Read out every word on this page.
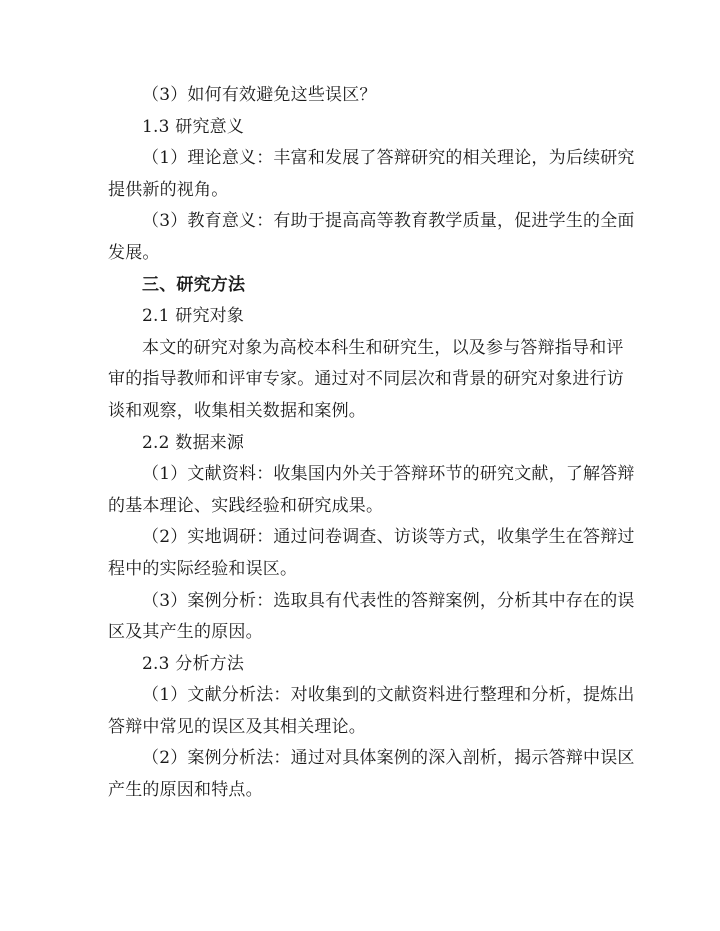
（3）如何有效避免这些误区？

1.3 研究意义

（1）理论意义：丰富和发展了答辩研究的相关理论，为后续研究

提供新的视角。

（3）教育意义：有助于提高高等教育教学质量，促进学生的全面

发展。

三、研究方法

2.1 研究对象

本文的研究对象为高校本科生和研究生，以及参与答辩指导和评

审的指导教师和评审专家。通过对不同层次和背景的研究对象进行访

谈和观察，收集相关数据和案例。

2.2 数据来源

（1）文献资料：收集国内外关于答辩环节的研究文献，了解答辩

的基本理论、实践经验和研究成果。

（2）实地调研：通过问卷调查、访谈等方式，收集学生在答辩过

程中的实际经验和误区。

（3）案例分析：选取具有代表性的答辩案例，分析其中存在的误

区及其产生的原因。

2.3 分析方法

（1）文献分析法：对收集到的文献资料进行整理和分析，提炼出

答辩中常见的误区及其相关理论。

（2）案例分析法：通过对具体案例的深入剖析，揭示答辩中误区

产生的原因和特点。
